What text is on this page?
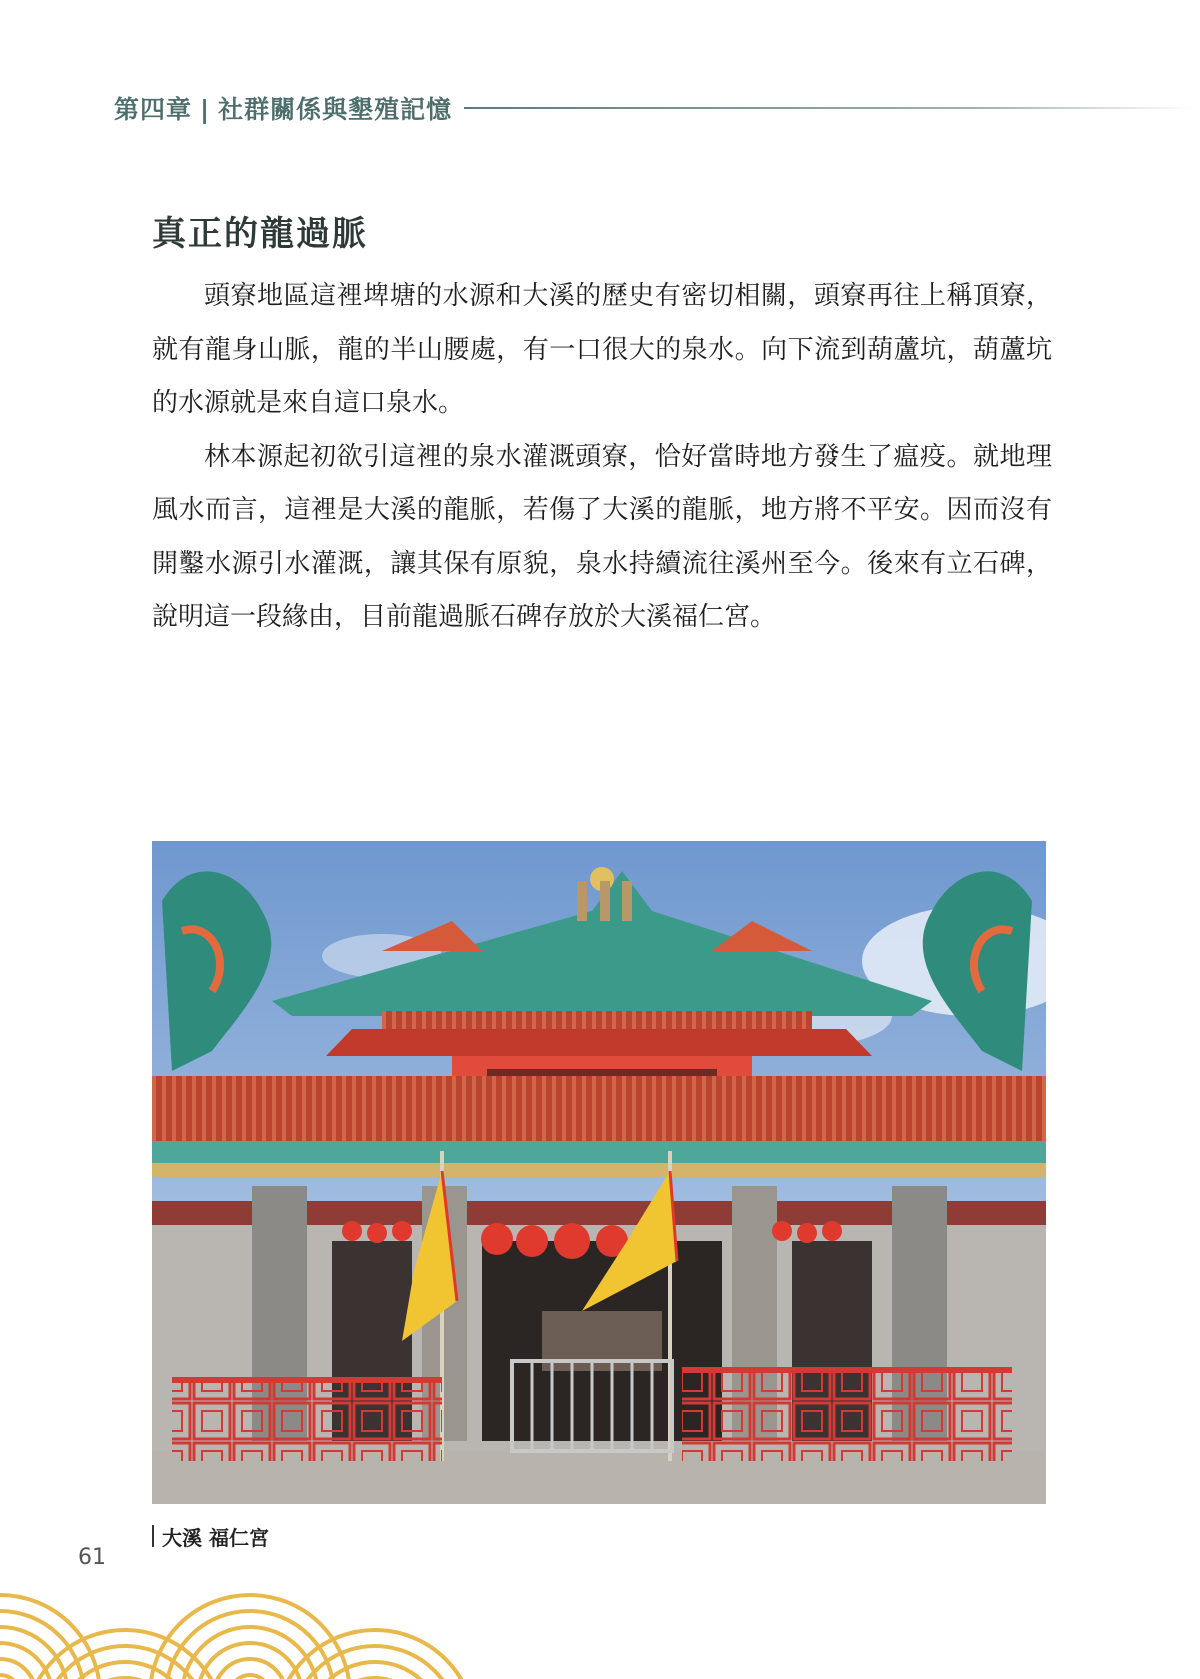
第四章 | 社群關係與墾殖記憶
真正的龍過脈

頭寮地區這裡埤塘的水源和大溪的歷史有密切相關，頭寮再往上稱頂寮，就有龍身山脈，龍的半山腰處，有一口很大的泉水。向下流到葫蘆坑，葫蘆坑的水源就是來自這口泉水。

林本源起初欲引這裡的泉水灌溉頭寮，恰好當時地方發生了瘟疫。就地理風水而言，這裡是大溪的龍脈，若傷了大溪的龍脈，地方將不平安。因而沒有開鑿水源引水灌溉，讓其保有原貌，泉水持續流往溪州至今。後來有立石碑，說明這一段緣由，目前龍過脈石碑存放於大溪福仁宮。

大溪 福仁宮
61
